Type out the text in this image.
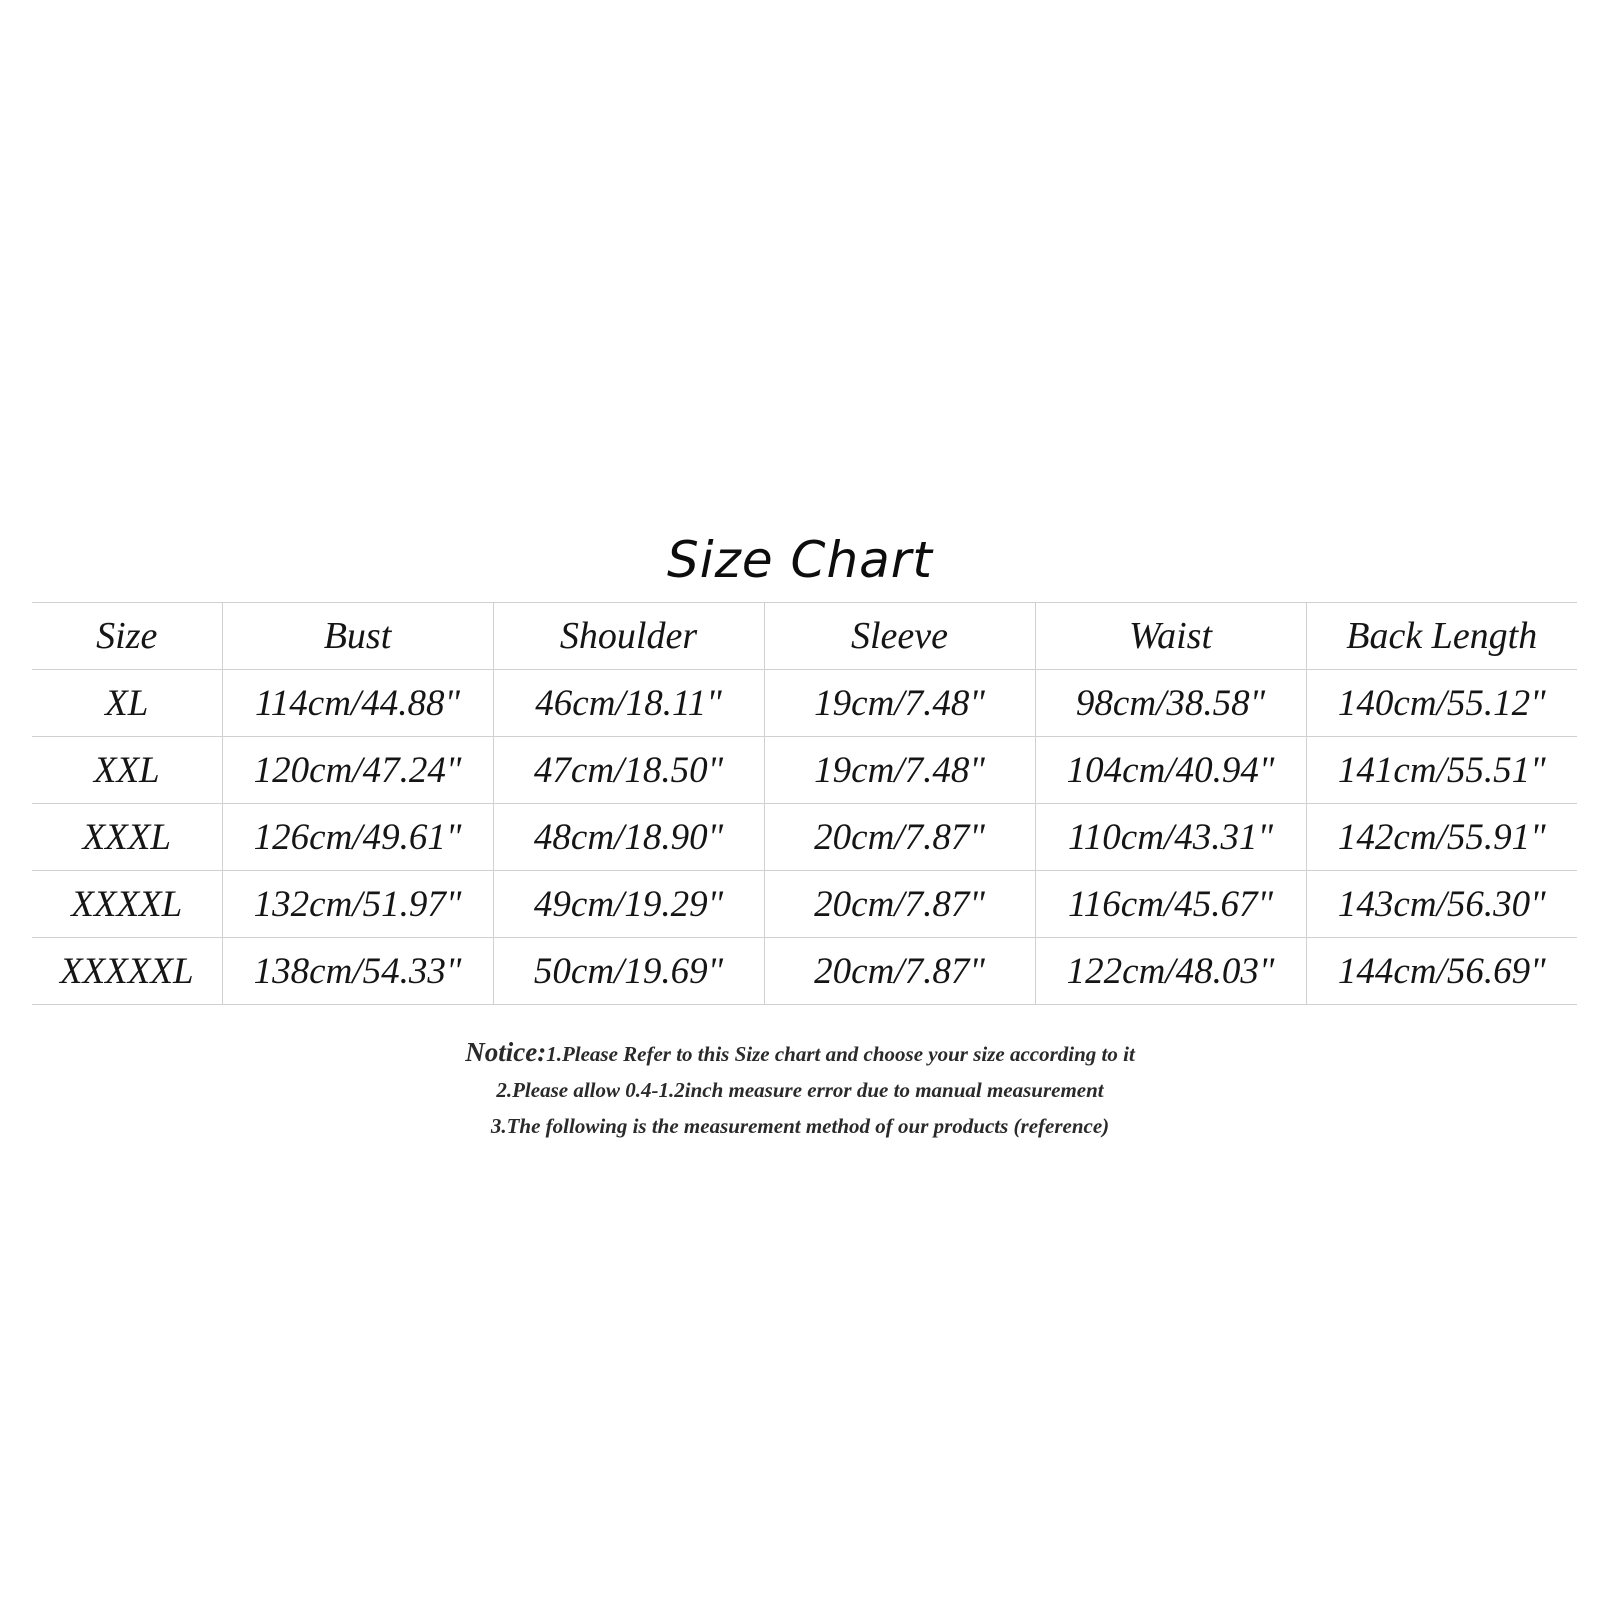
Size Chart
Size	Bust	Shoulder	Sleeve	Waist	Back Length
XL	114cm/44.88"	46cm/18.11"	19cm/7.48"	98cm/38.58"	140cm/55.12"
XXL	120cm/47.24"	47cm/18.50"	19cm/7.48"	104cm/40.94"	141cm/55.51"
XXXL	126cm/49.61"	48cm/18.90"	20cm/7.87"	110cm/43.31"	142cm/55.91"
XXXXL	132cm/51.97"	49cm/19.29"	20cm/7.87"	116cm/45.67"	143cm/56.30"
XXXXXL	138cm/54.33"	50cm/19.69"	20cm/7.87"	122cm/48.03"	144cm/56.69"
Notice:1.Please Refer to this Size chart and choose your size according to it
2.Please allow 0.4-1.2inch measure error due to manual measurement
3.The following is the measurement method of our products (reference)
